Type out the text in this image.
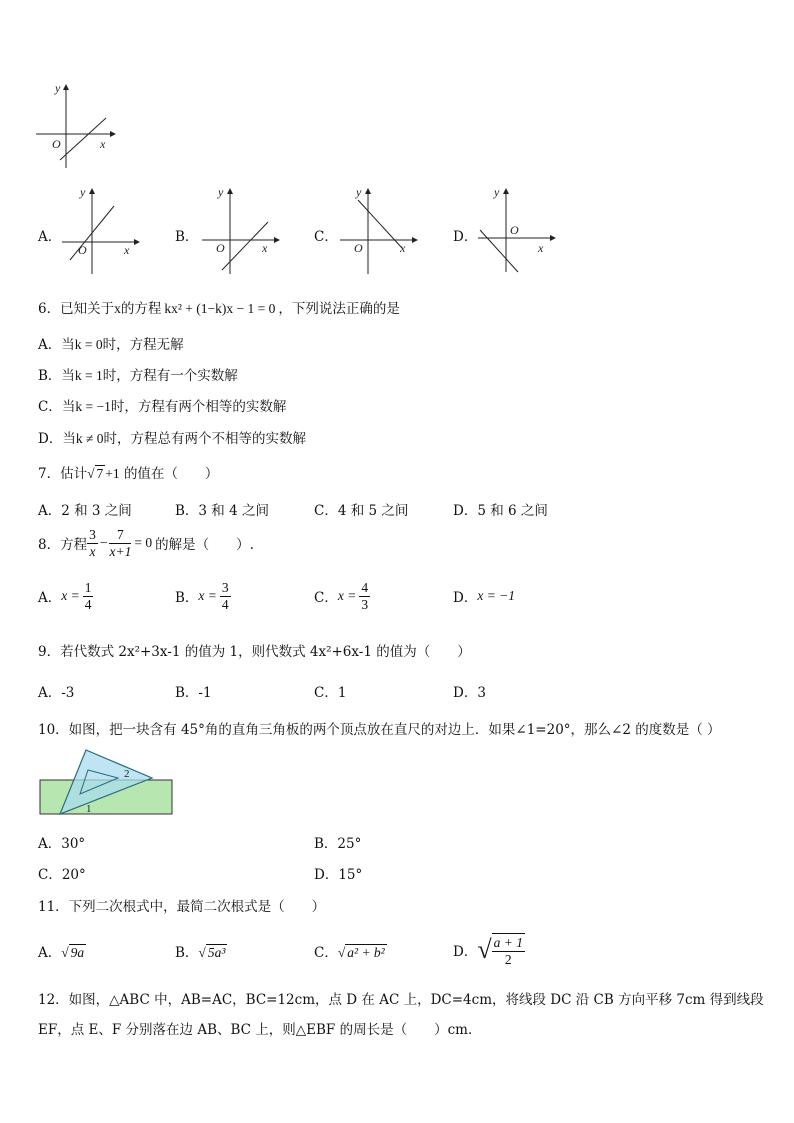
y
x
O
A．
y
x
O
B．
y
x
O
C．
y
x
O
D．
y
x
O
6．已知关于x的方程 kx² + (1−k)x − 1 = 0 ，下列说法正确的是
A．当k = 0时，方程无解
B．当k = 1时，方程有一个实数解
C．当k = −1时，方程有两个相等的实数解
D．当k ≠ 0时，方程总有两个不相等的实数解
7．估计√ 7 +1 的值在（　　）
A．2 和 3 之间	B．3 和 4 之间	C．4 和 5 之间	D．5 和 6 之间
8．方程 $\frac{3}{x} - \frac{7}{x+1} = 0$ 的解是（　　）.
A． $x = \frac{1}{4}$	B． $x = \frac{3}{4}$	C． $x = \frac{4}{3}$	D． x = −1
9．若代数式 2x²+3x-1 的值为 1，则代数式 4x²+6x-1 的值为（　　）
A．-3	B．-1	C．1	D．3
10．如图，把一块含有 45°角的直角三角板的两个顶点放在直尺的对边上．如果∠1=20°，那么∠2 的度数是（ ）
1
2
A．30°	B．25°
C．20°	D．15°
11．下列二次根式中，最简二次根式是（　　）
A．√ 9a	B．√ 5a³	C．√ a² + b²	D． √ $\frac{a + 1}{2}$
12．如图，△ABC 中，AB=AC，BC=12cm，点 D 在 AC 上，DC=4cm，将线段 DC 沿 CB 方向平移 7cm 得到线段
EF，点 E、F 分别落在边 AB、BC 上，则△EBF 的周长是（　　）cm．
